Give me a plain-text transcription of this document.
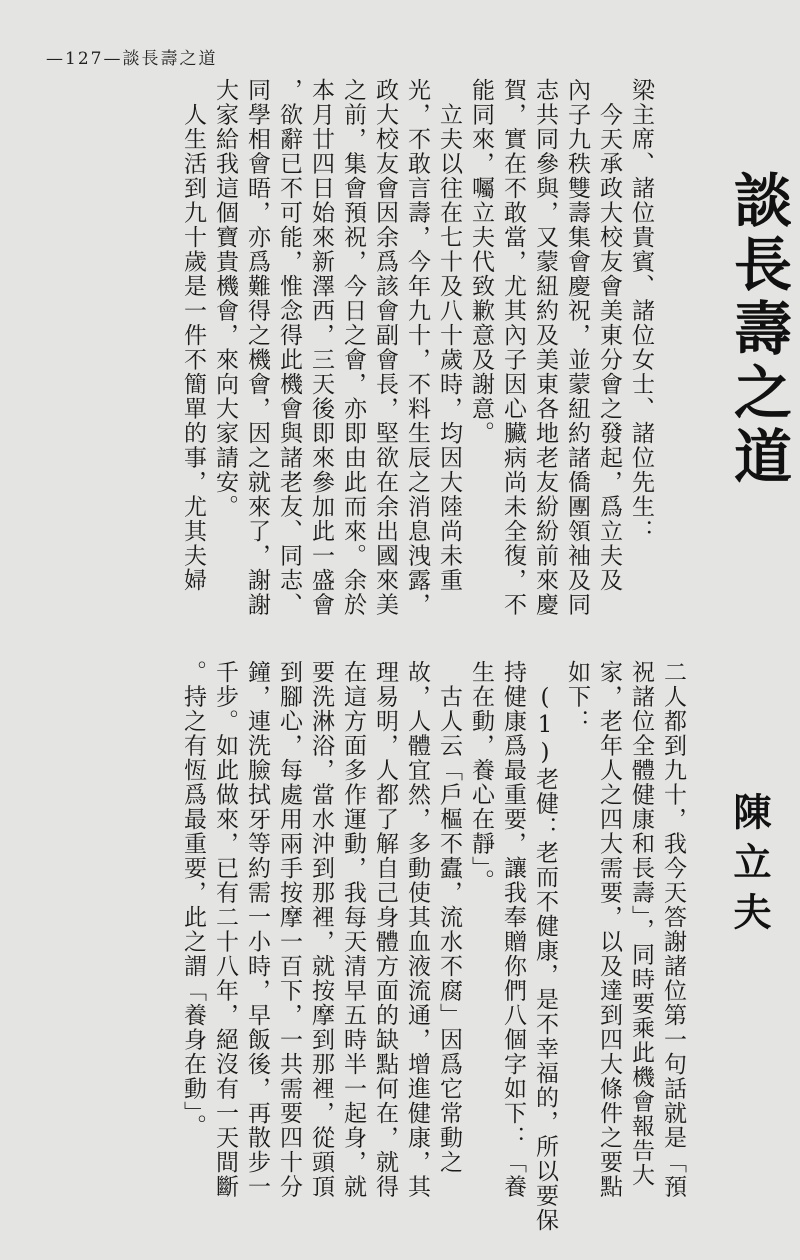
—127—談長壽之道
談長壽之道
陳立夫
梁主席、諸位貴賓、諸位女士、諸位先生：
　今天承政大校友會美東分會之發起，爲立夫及
內子九秩雙壽集會慶祝，並蒙紐約諸僑團領袖及同
志共同參與，又蒙紐約及美東各地老友紛紛前來慶
賀，實在不敢當，尤其內子因心臟病尚未全復，不
能同來，囑立夫代致歉意及謝意。
　立夫以往在七十及八十歲時，均因大陸尚未重
光，不敢言壽，今年九十，不料生辰之消息洩露，
政大校友會因余爲該會副會長，堅欲在余出國來美
之前，集會預祝，今日之會，亦即由此而來。余於
本月廿四日始來新澤西，三天後即來參加此一盛會
，欲辭已不可能，惟念得此機會與諸老友、同志、
同學相會晤，亦爲難得之機會，因之就來了，謝謝
大家給我這個寶貴機會，來向大家請安。
　人生活到九十歲是一件不簡單的事，尤其夫婦
二人都到九十，我今天答謝諸位第一句話就是「預
祝諸位全體健康和長壽」，同時要乘此機會報告大
家，老年人之四大需要，以及達到四大條件之要點
如下：
　(1)老健：老而不健康，是不幸福的，所以要保
持健康爲最重要，讓我奉贈你們八個字如下：「養
生在動，養心在靜」。
　古人云「戶樞不蠹，流水不腐」因爲它常動之
故，人體宜然，多動使其血液流通，增進健康，其
理易明，人都了解自己身體方面的缺點何在，就得
在這方面多作運動，我每天清早五時半一起身，就
要洗淋浴，當水沖到那裡，就按摩到那裡，從頭頂
到腳心，每處用兩手按摩一百下，一共需要四十分
鐘，連洗臉拭牙等約需一小時，早飯後，再散步一
千步。如此做來，已有二十八年，絕沒有一天間斷
。持之有恆爲最重要，此之謂「養身在動」。
